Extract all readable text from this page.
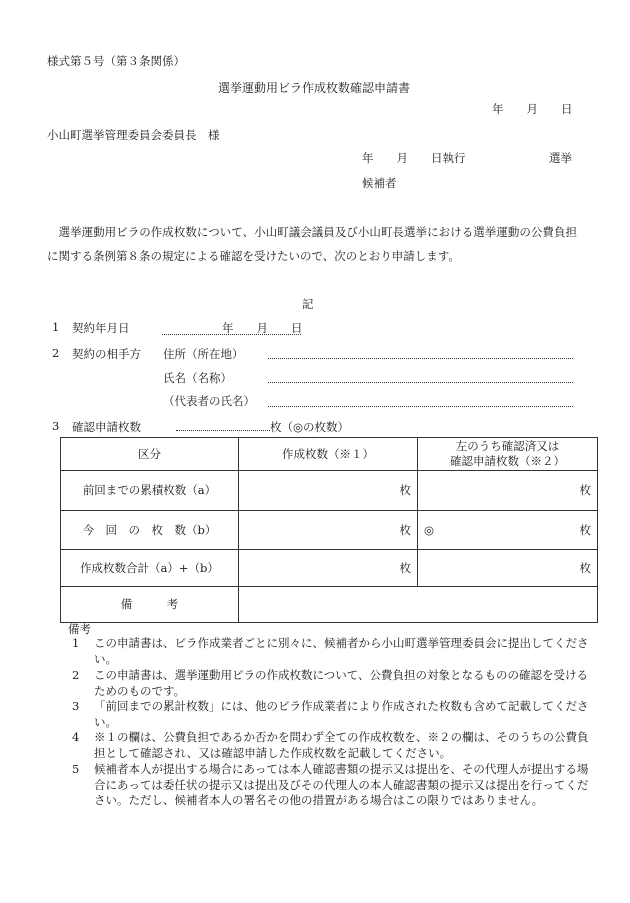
様式第５号（第３条関係）
選挙運動用ビラ作成枚数確認申請書
年　　月　　日
小山町選挙管理委員会委員長　様
年　　月　　日執行	選挙
候補者
選挙運動用ビラの作成枚数について、小山町議会議員及び小山町長選挙における選挙運動の公費負担に関する条例第８条の規定による確認を受けたいので、次のとおり申請します。
記
1 契約年月日	年　　月　　日
2 契約の相手方 住所（所在地）
氏名（名称）
（代表者の氏名）
3 確認申請枚数	枚（◎の枚数）
区分	作成枚数（※１）	左のうち確認済又は
確認申請枚数（※２）

前回までの累積枚数（a）	枚	枚
今　回　の　枚　数（b）	枚	◎ 枚

作成枚数合計（a）+（b）	枚	枚
備　　　考		
備考
1 この申請書は、ビラ作成業者ごとに別々に、候補者から小山町選挙管理委員会に提出してください。
2 この申請書は、選挙運動用ビラの作成枚数について、公費負担の対象となるものの確認を受けるためのものです。
3 「前回までの累計枚数」には、他のビラ作成業者により作成された枚数も含めて記載してください。
4 ※１の欄は、公費負担であるか否かを問わず全ての作成枚数を、※２の欄は、そのうちの公費負担として確認され、又は確認申請した作成枚数を記載してください。
5 候補者本人が提出する場合にあっては本人確認書類の提示又は提出を、その代理人が提出する場合にあっては委任状の提示又は提出及びその代理人の本人確認書類の提示又は提出を行ってください。ただし、候補者本人の署名その他の措置がある場合はこの限りではありません。
